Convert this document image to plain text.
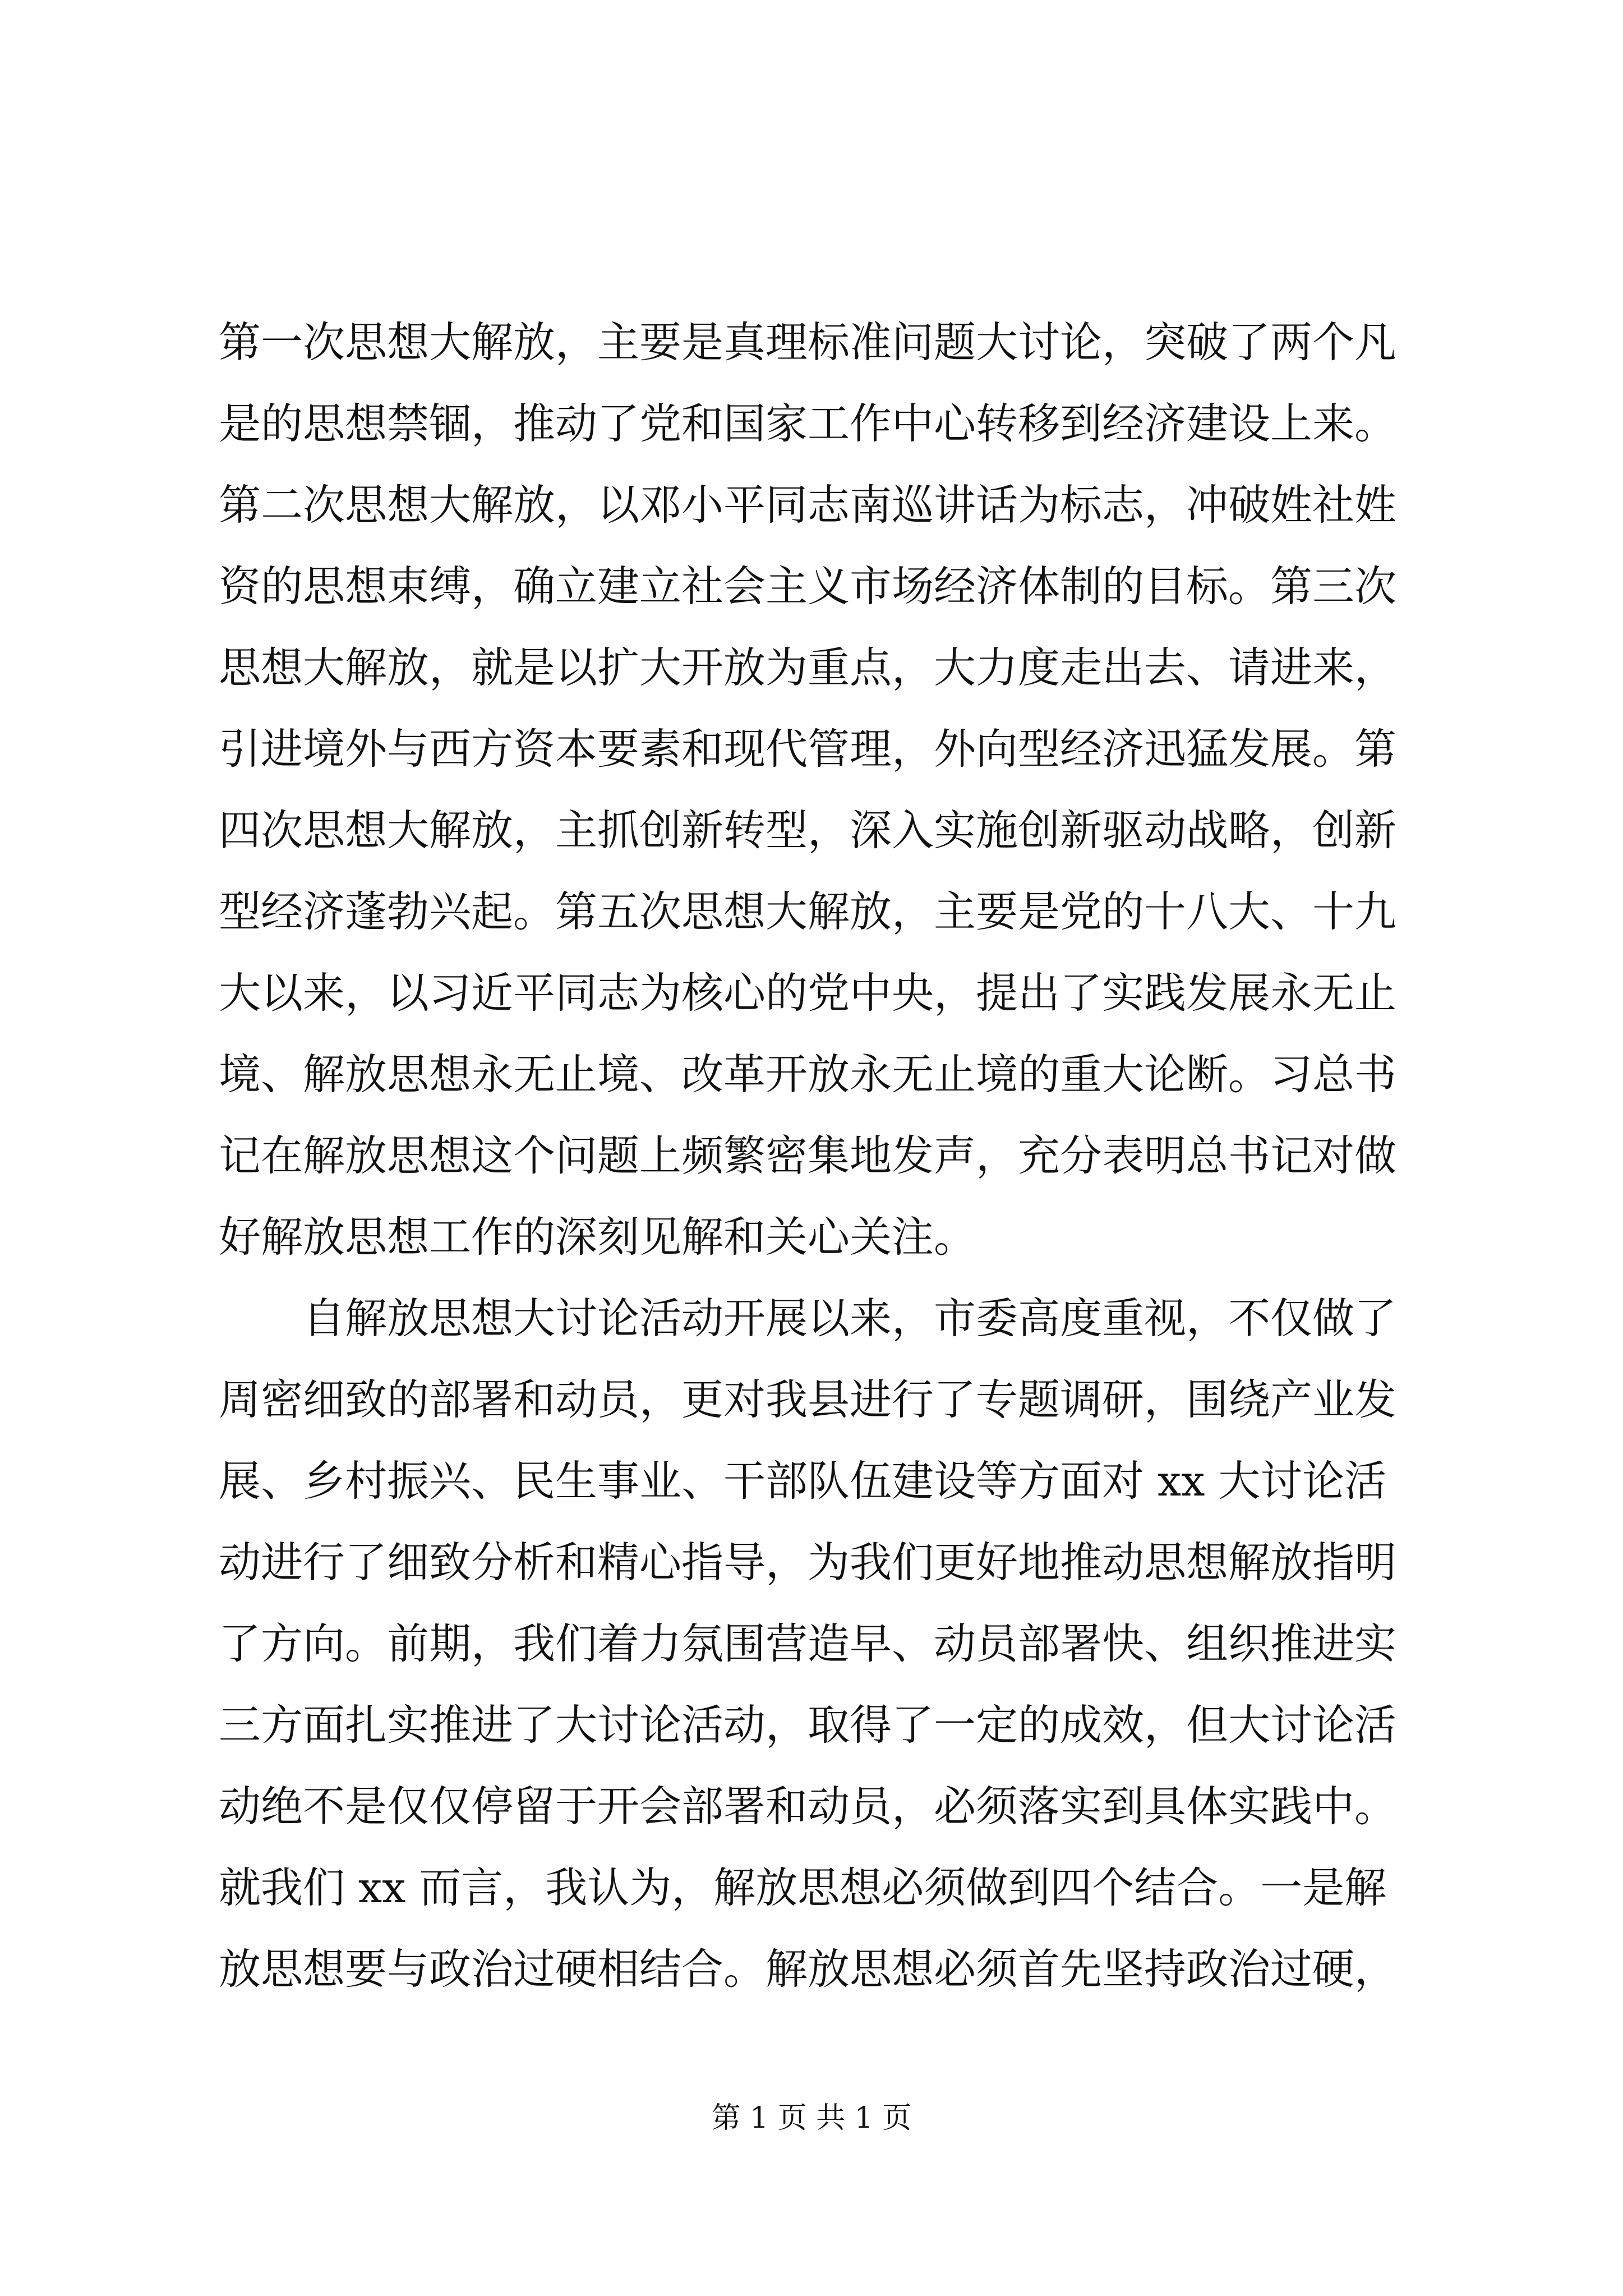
第一次思想大解放，主要是真理标准问题大讨论，突破了两个凡
是的思想禁锢，推动了党和国家工作中心转移到经济建设上来。
第二次思想大解放，以邓小平同志南巡讲话为标志，冲破姓社姓
资的思想束缚，确立建立社会主义市场经济体制的目标。第三次
思想大解放，就是以扩大开放为重点，大力度走出去、请进来，
引进境外与西方资本要素和现代管理，外向型经济迅猛发展。第
四次思想大解放，主抓创新转型，深入实施创新驱动战略，创新
型经济蓬勃兴起。第五次思想大解放，主要是党的十八大、十九
大以来，以习近平同志为核心的党中央，提出了实践发展永无止
境、解放思想永无止境、改革开放永无止境的重大论断。习总书
记在解放思想这个问题上频繁密集地发声，充分表明总书记对做
好解放思想工作的深刻见解和关心关注。
自解放思想大讨论活动开展以来，市委高度重视，不仅做了
周密细致的部署和动员，更对我县进行了专题调研，围绕产业发
展、乡村振兴、民生事业、干部队伍建设等方面对 xx 大讨论活
动进行了细致分析和精心指导，为我们更好地推动思想解放指明
了方向。前期，我们着力氛围营造早、动员部署快、组织推进实
三方面扎实推进了大讨论活动，取得了一定的成效，但大讨论活
动绝不是仅仅停留于开会部署和动员，必须落实到具体实践中。
就我们 xx 而言，我认为，解放思想必须做到四个结合。一是解
放思想要与政治过硬相结合。解放思想必须首先坚持政治过硬，
第 1 页 共 1 页
